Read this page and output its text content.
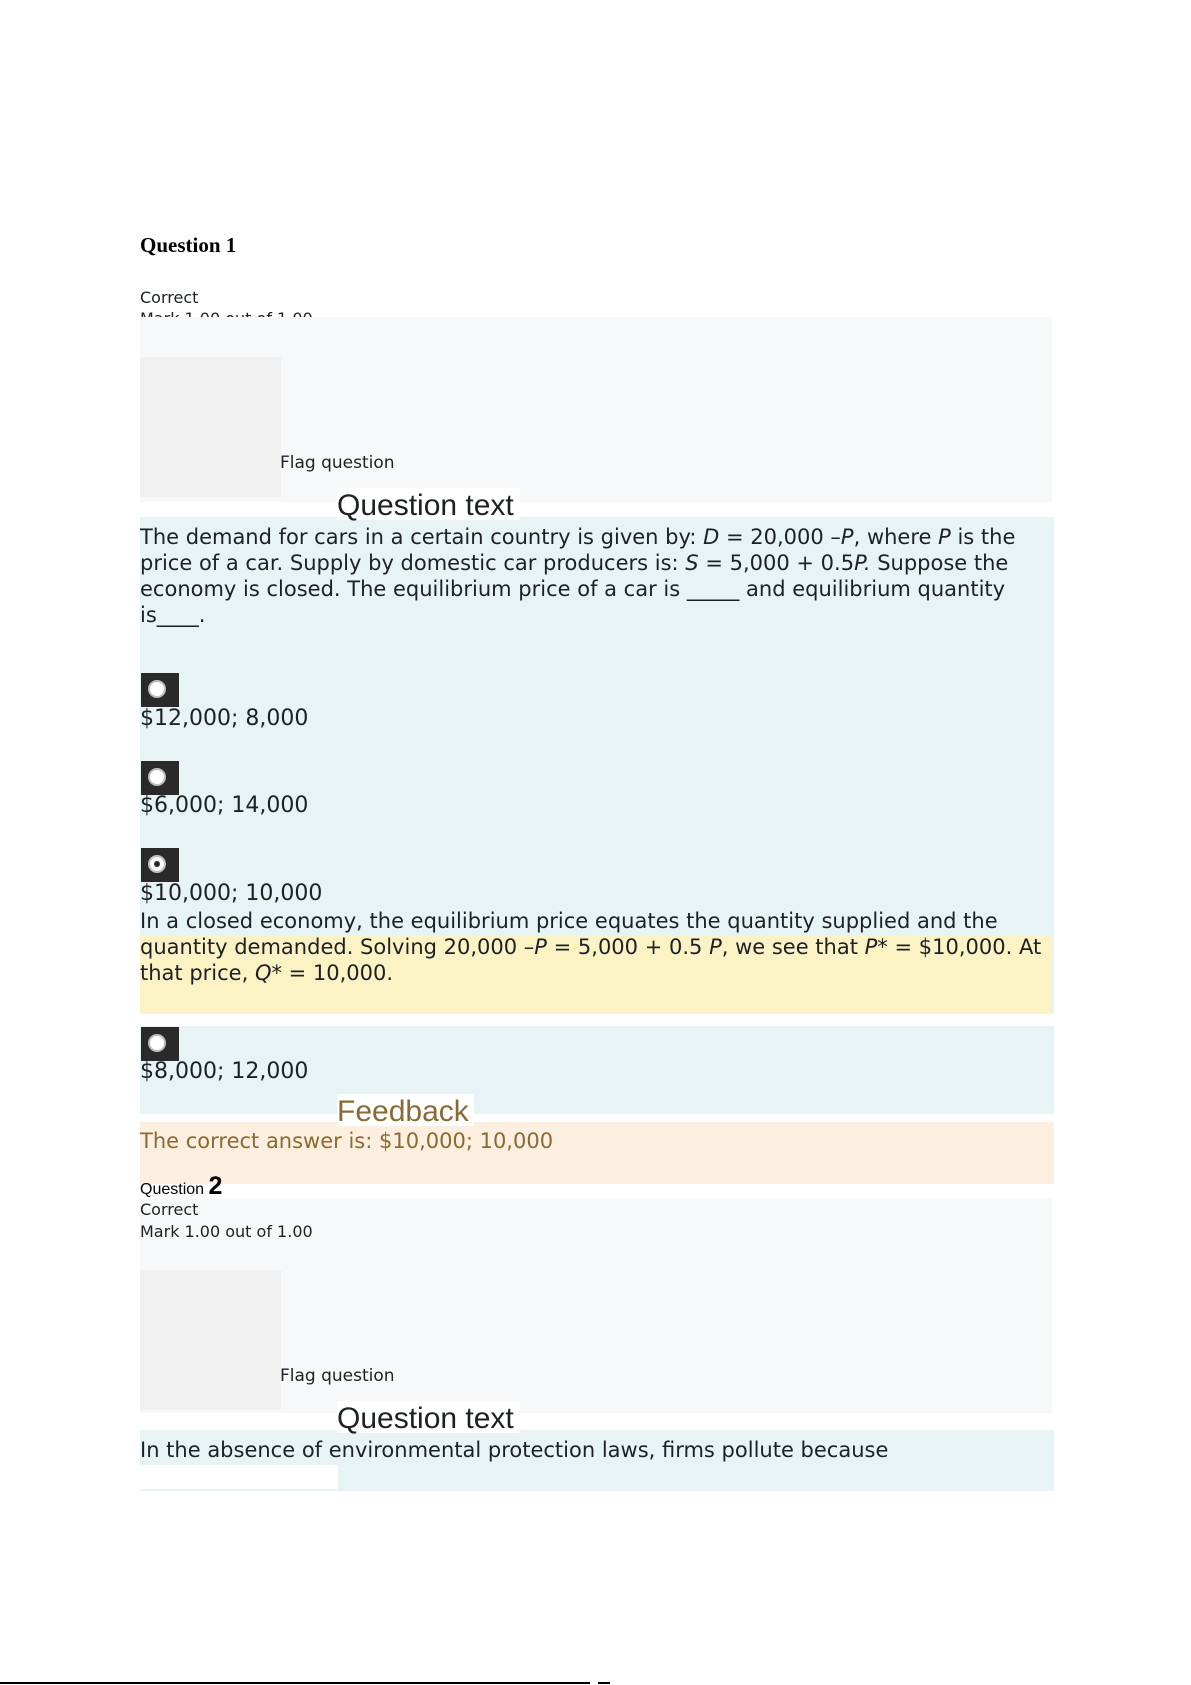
Question 1
Correct
Flag question
Question text
The demand for cars in a certain country is given by: D = 20,000 –P, where P is the price of a car. Supply by domestic car producers is: S = 5,000 + 0.5P. Suppose the economy is closed. The equilibrium price of a car is _____ and equilibrium quantity is____.
$12,000; 8,000
$6,000; 14,000
$10,000; 10,000
In a closed economy, the equilibrium price equates the quantity supplied and the quantity demanded. Solving 20,000 –P = 5,000 + 0.5 P, we see that P* = $10,000. At that price, Q* = 10,000.
$8,000; 12,000
Feedback
The correct answer is: $10,000; 10,000
Question 2
Correct
Mark 1.00 out of 1.00
Flag question
Question text
In the absence of environmental protection laws, firms pollute because
